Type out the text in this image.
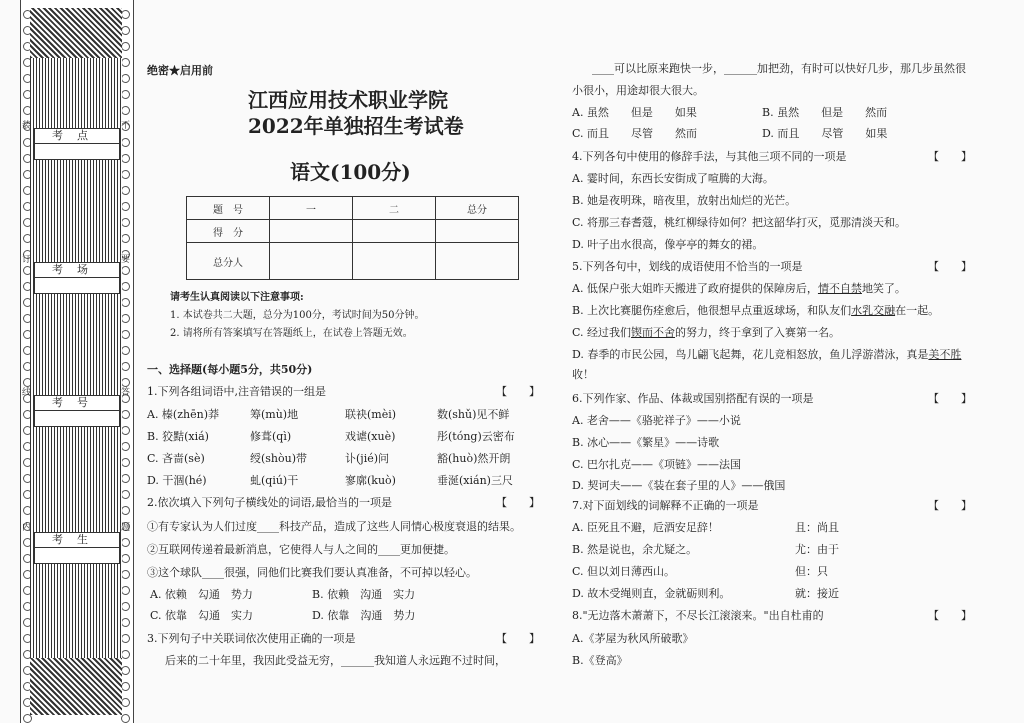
考点
考场
考号
考生
装
订
线
内
不
要
答
题
绝密★启用前
江西应用技术职业学院
2022年单独招生考试卷
语文(100分)
题　号	一	二	总分
得　分			
总分人			
请考生认真阅读以下注意事项:
1. 本试卷共二大题，总分为100分，考试时间为50分钟。
2. 请将所有答案填写在答题纸上，在试卷上答题无效。
一、选择题(每小题5分，共50分)
1.下列各组词语中,注音错误的一组是	【　　】
A. 榛(zhēn)莽	筹(mù)地	联袂(mèi)	数(shǔ)见不鲜
B. 狡黠(xiá)	修葺(qì)	戏谑(xuè)	彤(tóng)云密布
C. 吝啬(sè)	绶(shòu)带	讣(jié)问	豁(huò)然开朗
D. 干涸(hé)	虬(qiú)干	寥廓(kuò)	垂涎(xián)三尺
2.依次填入下列句子横线处的词语,最恰当的一项是	【　　】
①有专家认为人们过度____科技产品，造成了这些人同情心极度衰退的结果。
②互联网传递着最新消息，它使得人与人之间的____更加便捷。
③这个球队____很强，同他们比赛我们要认真准备，不可掉以轻心。
A. 依赖　勾通　势力	B. 依赖　沟通　实力
C. 依靠　勾通　实力	D. 依靠　沟通　势力
3.下列句子中关联词依次使用正确的一项是	【　　】
后来的二十年里，我因此受益无穷，______我知道人永远跑不过时间，
____可以比原来跑快一步，______加把劲，有时可以快好几步，那几步虽然很
小很小，用途却很大很大。
A. 虽然　　但是　　如果	B. 虽然　　但是　　然而
C. 而且　　尽管　　然而	D. 而且　　尽管　　如果
4.下列各句中使用的修辞手法，与其他三项不同的一项是	【　　】
A. 霎时间，东西长安街成了喧腾的大海。
B. 她是夜明珠，暗夜里，放射出灿烂的光芒。
C. 将那三春耆蔻，桃红柳绿待如何？把这韶华打灭，觅那清淡天和。
D. 叶子出水很高，像亭亭的舞女的裙。
5.下列各句中，划线的成语使用不恰当的一项是	【　　】
A. 低保户张大姐昨天搬进了政府提供的保障房后，情不自禁地笑了。
B. 上次比赛腿伤痊愈后，他很想早点重返球场，和队友们水乳交融在一起。
C. 经过我们锲而不舍的努力，终于拿到了入赛第一名。
D. 春季的市民公园，鸟儿翩飞起舞，花儿竞相怒放，鱼儿浮游潜泳，真是美不胜
收！
6.下列作家、作品、体裁或国别搭配有误的一项是	【　　】
A. 老舍——《骆驼祥子》——小说
B. 冰心——《繁星》——诗歌
C. 巴尔扎克——《项链》——法国
D. 契诃夫——《装在套子里的人》——俄国
7.对下面划线的词解释不正确的一项是	【　　】
A. 臣死且不避，卮酒安足辞！	且：尚且
B. 然是说也，余尤疑之。	尤：由于
C. 但以刘日薄西山。	但：只
D. 故木受绳则直，金就砺则利。	就：接近
8."无边落木萧萧下，不尽长江滚滚来。"出自杜甫的	【　　】
A.《茅屋为秋风所破歌》
B.《登高》
